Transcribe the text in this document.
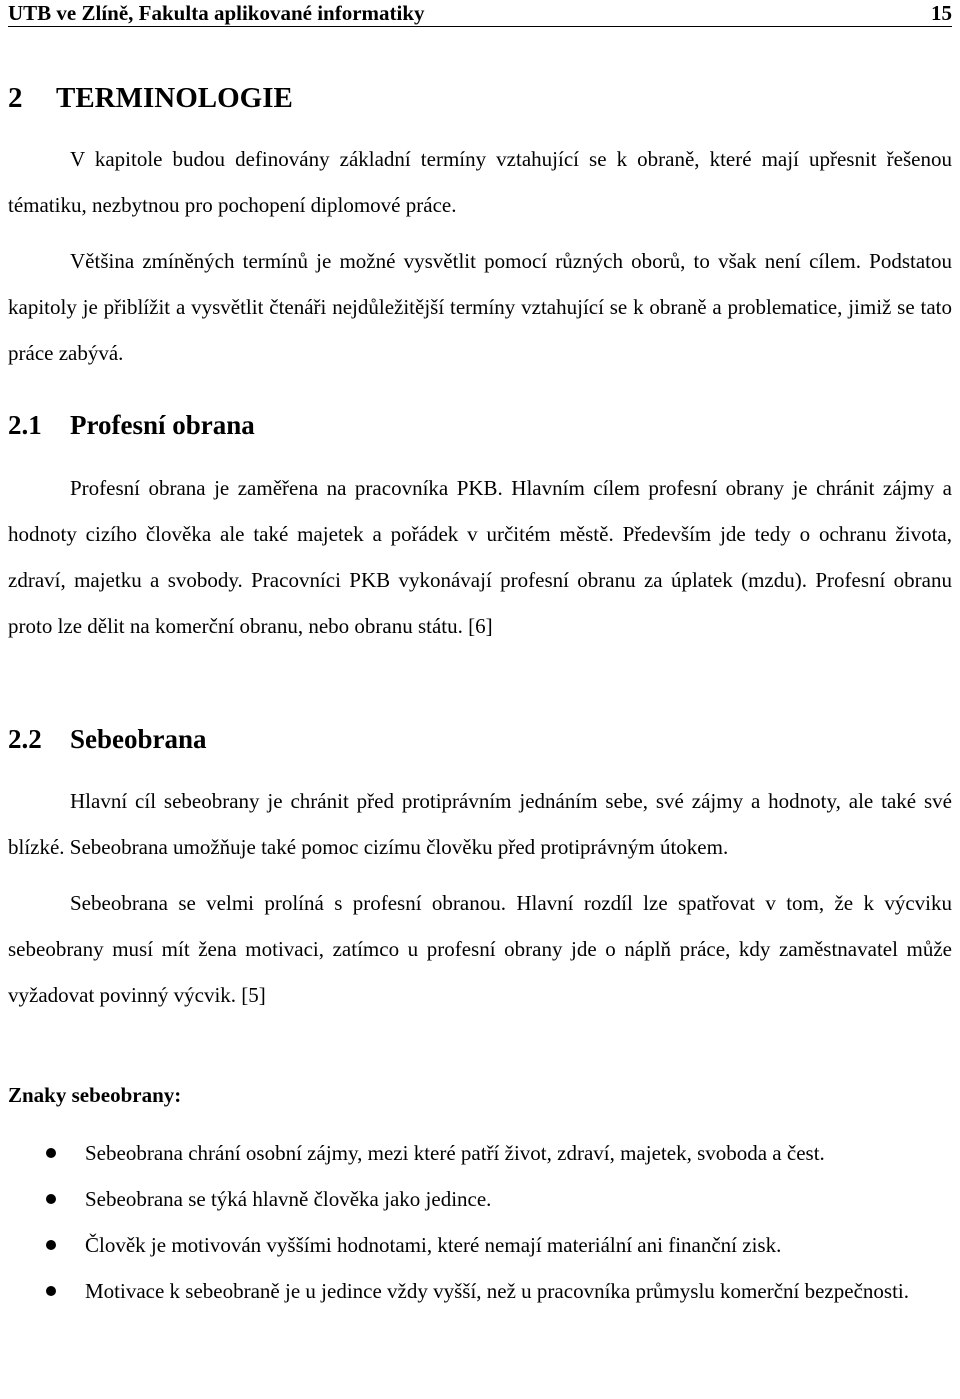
UTB ve Zlíně, Fakulta aplikované informatiky	15
2 TERMINOLOGIE

V kapitole budou definovány základní termíny vztahující se k obraně, které mají upřesnit řešenou tématiku, nezbytnou pro pochopení diplomové práce.

Většina zmíněných termínů je možné vysvětlit pomocí různých oborů, to však není cílem. Podstatou kapitoly je přiblížit a vysvětlit čtenáři nejdůležitější termíny vztahující se k obraně a problematice, jimiž se tato práce zabývá.

2.1 Profesní obrana

Profesní obrana je zaměřena na pracovníka PKB. Hlavním cílem profesní obrany je chránit zájmy a hodnoty cizího člověka ale také majetek a pořádek v určitém městě. Především jde tedy o ochranu života, zdraví, majetku a svobody. Pracovníci PKB vykonávají profesní obranu za úplatek (mzdu). Profesní obranu proto lze dělit na komerční obranu, nebo obranu státu. [6]

2.2 Sebeobrana

Hlavní cíl sebeobrany je chránit před protiprávním jednáním sebe, své zájmy a hodnoty, ale také své blízké. Sebeobrana umožňuje také pomoc cizímu člověku před protiprávným útokem.

Sebeobrana se velmi prolíná s profesní obranou. Hlavní rozdíl lze spatřovat v tom, že k výcviku sebeobrany musí mít žena motivaci, zatímco u profesní obrany jde o náplň práce, kdy zaměstnavatel může vyžadovat povinný výcvik. [5]

Znaky sebeobrany:
Sebeobrana chrání osobní zájmy, mezi které patří život, zdraví, majetek, svoboda a čest.
Sebeobrana se týká hlavně člověka jako jedince.
Člověk je motivován vyššími hodnotami, které nemají materiální ani finanční zisk.
Motivace k sebeobraně je u jedince vždy vyšší, než u pracovníka průmyslu komerční bezpečnosti.
